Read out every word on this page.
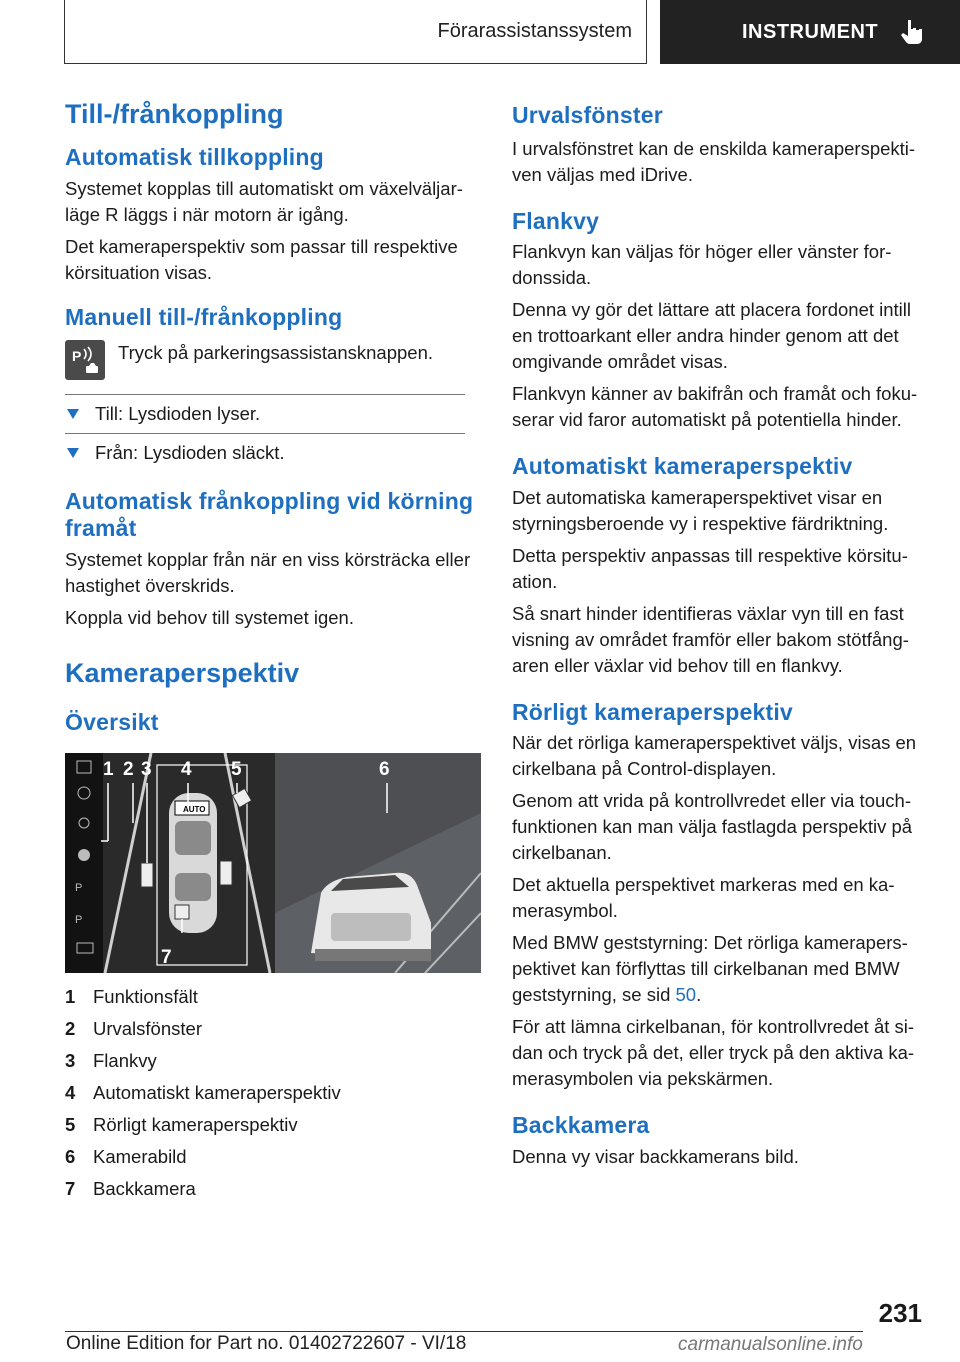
Förarassistanssystem	INSTRUMENT
Till-/frånkoppling
Automatisk tillkoppling

Systemet kopplas till automatiskt om växelväljarläge R läggs i när motorn är igång.

Det kameraperspektiv som passar till respektive körsituation visas.

Manuell till-/frånkoppling
P Tryck på parkeringsassistansknappen.

Till: Lysdioden lyser.
Från: Lysdioden släckt.
Automatisk frånkoppling vid körning framåt

Systemet kopplar från när en viss körsträcka eller hastighet överskrids.

Koppla vid behov till systemet igen.

Kameraperspektiv
Översikt
P
P
1 2 3 4 5	6
7
AUTO
1 Funktionsfält
2 Urvalsfönster
3 Flankvy
4 Automatiskt kameraperspektiv
5 Rörligt kameraperspektiv
6 Kamerabild
7 Backkamera
Urvalsfönster

I urvalsfönstret kan de enskilda kameraperspektiven väljas med iDrive.

Flankvy

Flankvyn kan väljas för höger eller vänster fordonssida.

Denna vy gör det lättare att placera fordonet intill en trottoarkant eller andra hinder genom att det omgivande området visas.

Flankvyn känner av bakifrån och framåt och fokuserar vid faror automatiskt på potentiella hinder.

Automatiskt kameraperspektiv

Det automatiska kameraperspektivet visar en styrningsberoende vy i respektive färdriktning.

Detta perspektiv anpassas till respektive körsituation.

Så snart hinder identifieras växlar vyn till en fast visning av området framför eller bakom stötfångaren eller växlar vid behov till en flankvy.

Rörligt kameraperspektiv

När det rörliga kameraperspektivet väljs, visas en cirkelbana på Control-displayen.

Genom att vrida på kontrollvredet eller via touchfunktionen kan man välja fastlagda perspektiv på cirkelbanan.

Det aktuella perspektivet markeras med en kamerasymbol.

Med BMW geststyrning: Det rörliga kameraperspektivet kan förflyttas till cirkelbanan med BMW geststyrning, se sid 50.

För att lämna cirkelbanan, för kontrollvredet åt sidan och tryck på det, eller tryck på den aktiva kamerasymbolen via pekskärmen.

Backkamera

Denna vy visar backkamerans bild.

231
Online Edition for Part no. 01402722607 - VI/18	carmanualsonline.info
